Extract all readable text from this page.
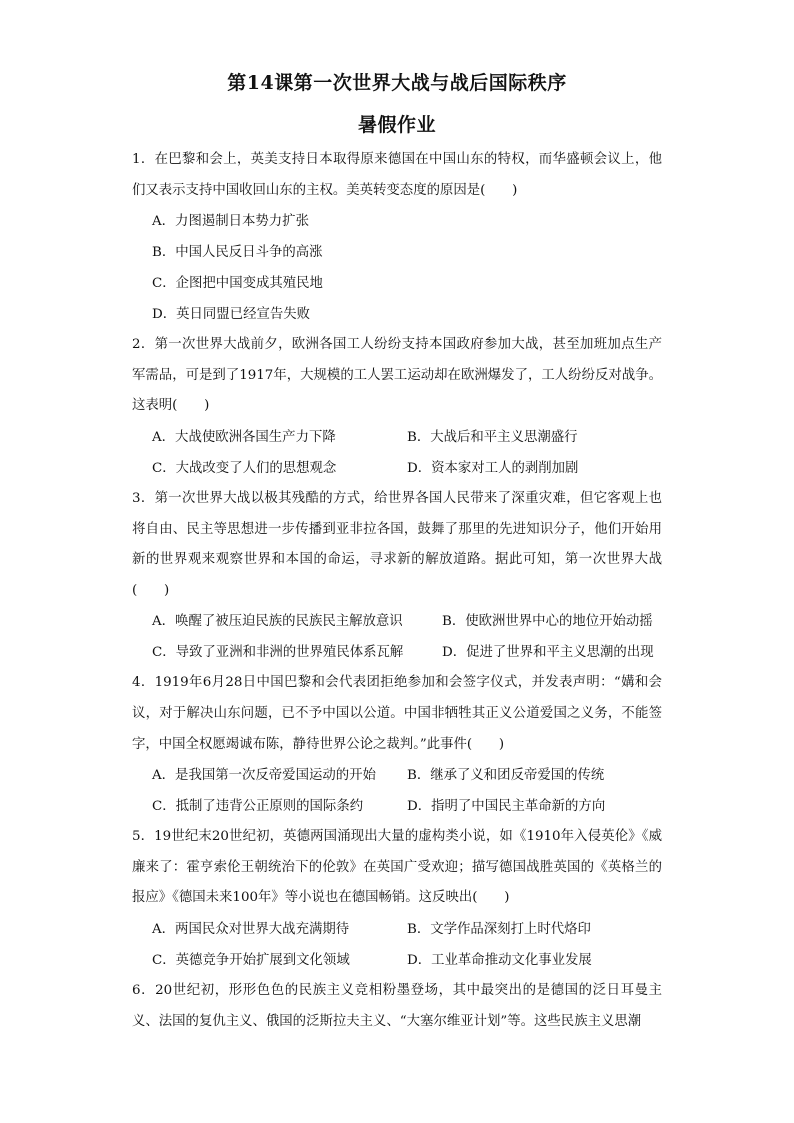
第14课第一次世界大战与战后国际秩序
暑假作业
1．在巴黎和会上，英美支持日本取得原来德国在中国山东的特权，而华盛顿会议上，他们又表示支持中国收回山东的主权。美英转变态度的原因是(　　)
A．力图遏制日本势力扩张
B．中国人民反日斗争的高涨
C．企图把中国变成其殖民地
D．英日同盟已经宣告失败
2．第一次世界大战前夕，欧洲各国工人纷纷支持本国政府参加大战，甚至加班加点生产军需品，可是到了1917年，大规模的工人罢工运动却在欧洲爆发了，工人纷纷反对战争。这表明(　　)
A．大战使欧洲各国生产力下降	B．大战后和平主义思潮盛行
C．大战改变了人们的思想观念	D．资本家对工人的剥削加剧
3．第一次世界大战以极其残酷的方式，给世界各国人民带来了深重灾难，但它客观上也将自由、民主等思想进一步传播到亚非拉各国，鼓舞了那里的先进知识分子，他们开始用新的世界观来观察世界和本国的命运，寻求新的解放道路。据此可知，第一次世界大战(　　)
A．唤醒了被压迫民族的民族民主解放意识	B．使欧洲世界中心的地位开始动摇
C．导致了亚洲和非洲的世界殖民体系瓦解	D．促进了世界和平主义思潮的出现
4．1919年6月28日中国巴黎和会代表团拒绝参加和会签字仪式，并发表声明：“媾和会议，对于解决山东问题，已不予中国以公道。中国非牺牲其正义公道爱国之义务，不能签字，中国全权愿竭诚布陈，静待世界公论之裁判。”此事件(　　)
A．是我国第一次反帝爱国运动的开始	B．继承了义和团反帝爱国的传统
C．抵制了违背公正原则的国际条约	D．指明了中国民主革命新的方向
5．19世纪末20世纪初，英德两国涌现出大量的虚构类小说，如《1910年入侵英伦》《威廉来了：霍亨索伦王朝统治下的伦敦》在英国广受欢迎；描写德国战胜英国的《英格兰的报应》《德国未来100年》等小说也在德国畅销。这反映出(　　)
A．两国民众对世界大战充满期待	B．文学作品深刻打上时代烙印
C．英德竞争开始扩展到文化领域	D．工业革命推动文化事业发展
6．20世纪初，形形色色的民族主义竞相粉墨登场，其中最突出的是德国的泛日耳曼主义、法国的复仇主义、俄国的泛斯拉夫主义、“大塞尔维亚计划”等。这些民族主义思潮
